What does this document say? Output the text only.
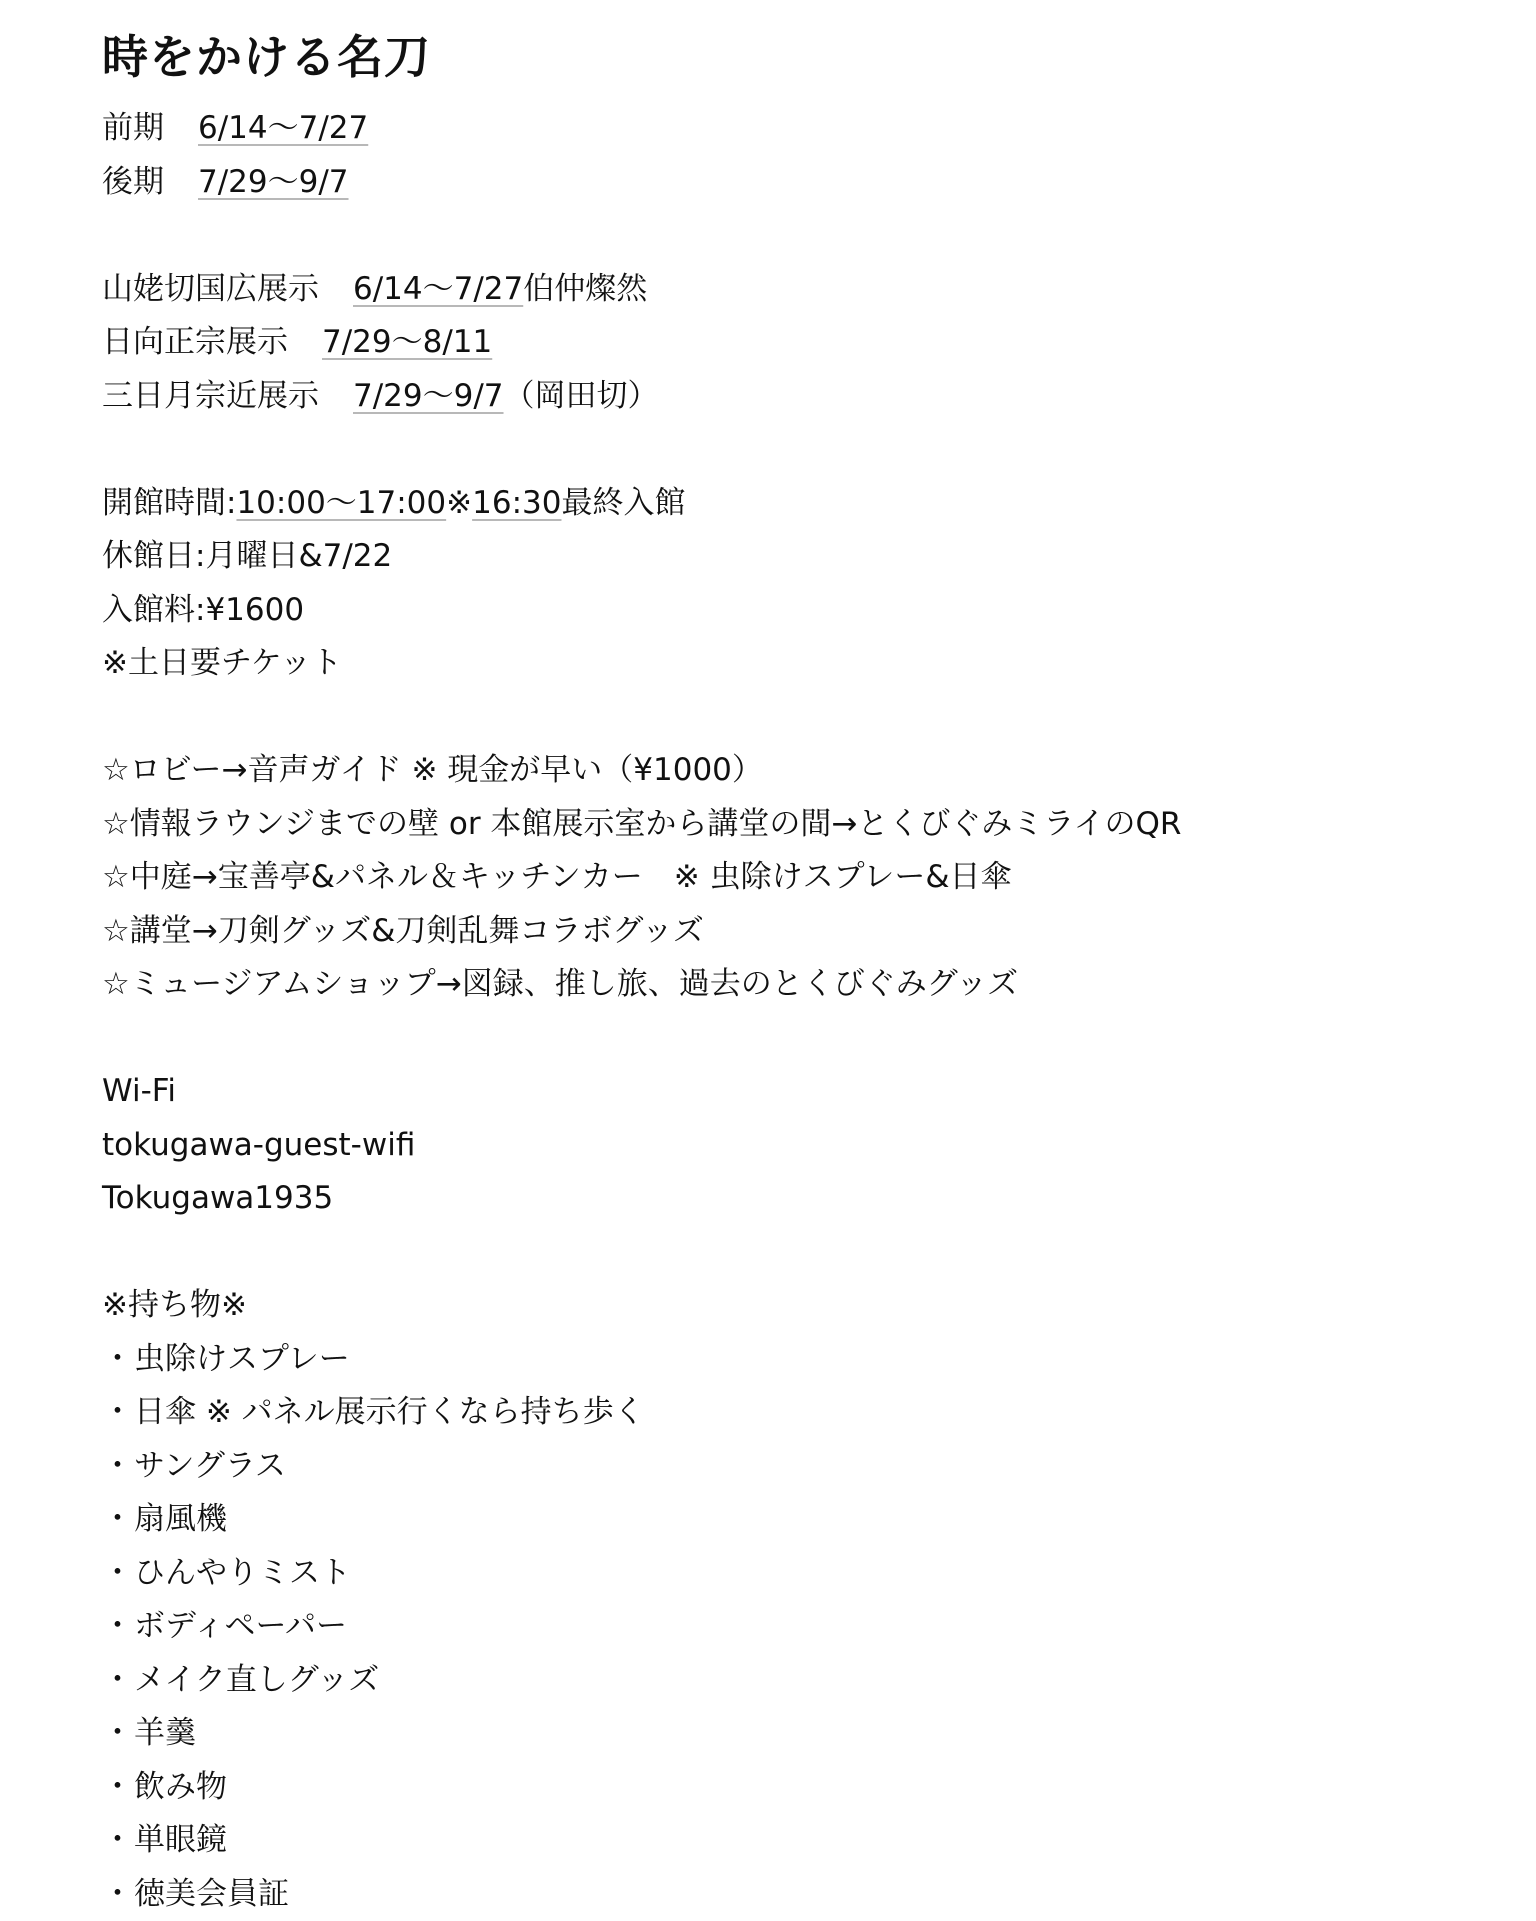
時をかける名刀
前期 6/14～7/27
後期 7/29～9/7
山姥切国広展示 6/14～7/27伯仲燦然
日向正宗展示 7/29～8/11
三日月宗近展示 7/29～9/7（岡田切）
開館時間:10:00～17:00※16:30最終入館
休館日:月曜日&7/22
入館料:¥1600
※土日要チケット
☆ロビー→音声ガイド ※ 現金が早い（¥1000）
☆情報ラウンジまでの壁 or 本館展示室から講堂の間→とくびぐみミライのQR
☆中庭→宝善亭&パネル＆キッチンカー　※ 虫除けスプレー&日傘
☆講堂→刀剣グッズ&刀剣乱舞コラボグッズ
☆ミュージアムショップ→図録、推し旅、過去のとくびぐみグッズ
Wi-Fi
tokugawa-guest-wifi
Tokugawa1935
※持ち物※
・虫除けスプレー
・日傘 ※ パネル展示行くなら持ち歩く
・サングラス
・扇風機
・ひんやりミスト
・ボディペーパー
・メイク直しグッズ
・羊羹
・飲み物
・単眼鏡
・徳美会員証
